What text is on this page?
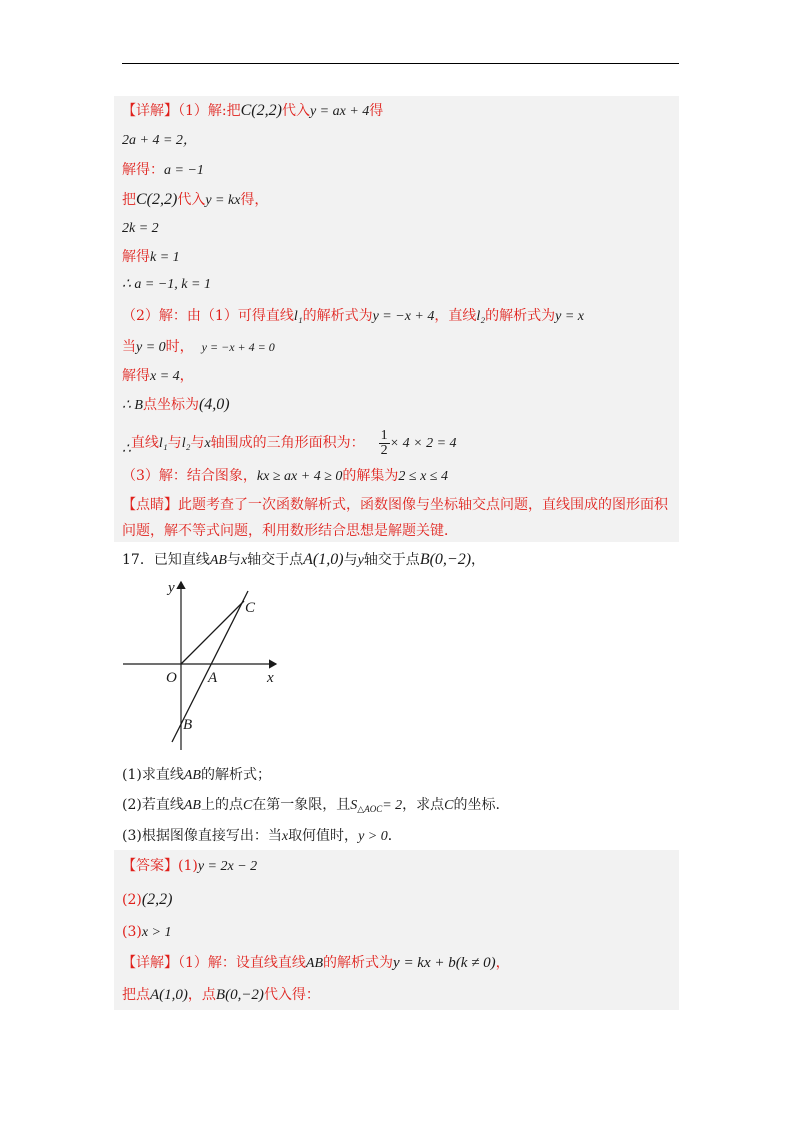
【详解】（1）解:把C(2,2)代入y = ax + 4得
2a + 4 = 2，
解得：a = −1
把C(2,2)代入y = kx得，
2k = 2
解得k = 1
∴ a = −1, k = 1
（2）解：由（1）可得直线l₁的解析式为y = −x + 4，直线l₂的解析式为y = x
当y = 0时， y = −x + 4 = 0
解得x = 4，
∴ B点坐标为(4,0)
∴直线l₁与l₂与x轴围成的三角形面积为： $\frac{1}{2} \times 4 \times 2 = 4$
（3）解：结合图象，kx ≥ ax + 4 ≥ 0的解集为2 ≤ x ≤ 4
【点睛】此题考查了一次函数解析式，函数图像与坐标轴交点问题，直线围成的图形面积
问题，解不等式问题，利用数形结合思想是解题关键．
17．已知直线AB与x轴交于点A(1,0)与y轴交于点B(0,−2)，
y
x
O A
B
C
(1)求直线AB的解析式；
(2)若直线AB上的点C在第一象限，且$S_{\triangle AOC}= 2$，求点C的坐标.
(3)根据图像直接写出：当x取何值时，y > 0．
【答案】(1)y = 2x − 2
(2)(2,2)
(3)x > 1
【详解】（1）解：设直线直线AB的解析式为y = kx + b(k ≠ 0)，
把点A(1,0)，点B(0,−2)代入得：
